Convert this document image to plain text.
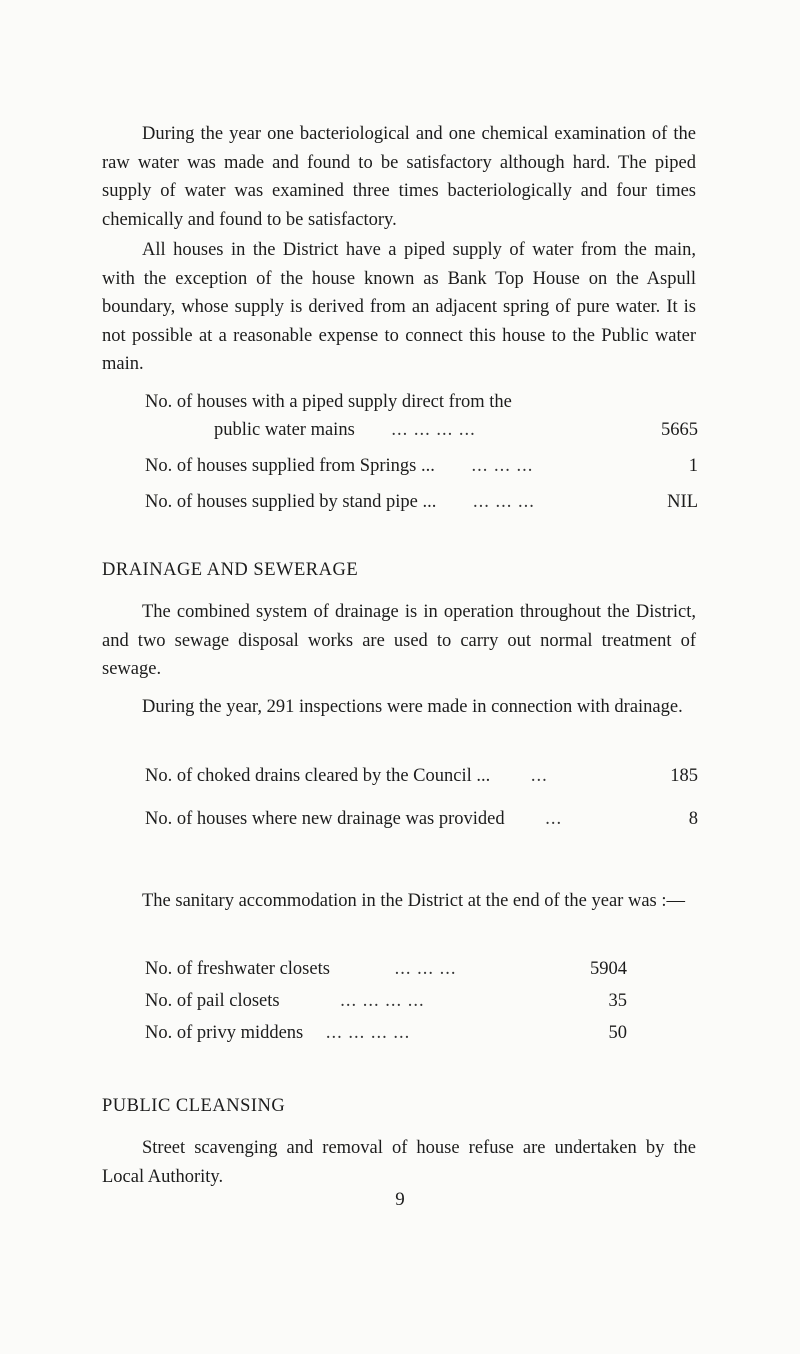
During the year one bacteriological and one chemical examination of the raw water was made and found to be satisfactory although hard. The piped supply of water was examined three times bacteriologically and four times chemically and found to be satisfactory.

All houses in the District have a piped supply of water from the main, with the exception of the house known as Bank Top House on the Aspull boundary, whose supply is derived from an adjacent spring of pure water. It is not possible at a reasonable expense to connect this house to the Public water main.

No. of houses with a piped supply direct from the
public water mains ... ... ... ...	5665
No. of houses supplied from Springs ... ... ... ...	1
No. of houses supplied by stand pipe ... ... ... ...	NIL
DRAINAGE AND SEWERAGE

The combined system of drainage is in operation throughout the District, and two sewage disposal works are used to carry out normal treatment of sewage.

During the year, 291 inspections were made in connection with drainage.

No. of choked drains cleared by the Council ... ...	185
No. of houses where new drainage was provided ...	8

The sanitary accommodation in the District at the end of the year was :—

No. of freshwater closets	... ... ...	5904
No. of pail closets	... ... ... ...	35
No. of privy middens ... ... ... ...	50
PUBLIC CLEANSING

Street scavenging and removal of house refuse are undertaken by the Local Authority.

9
